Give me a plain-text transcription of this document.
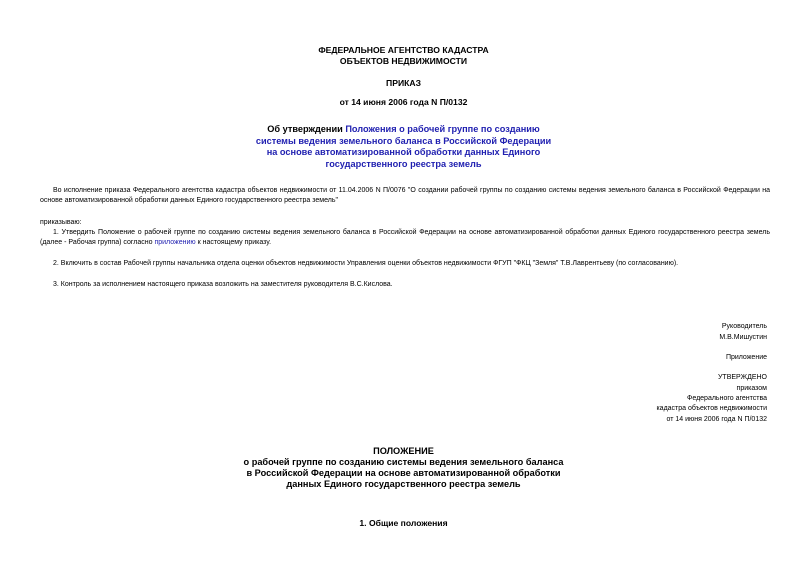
ФЕДЕРАЛЬНОЕ АГЕНТСТВО КАДАСТРА
ОБЪЕКТОВ НЕДВИЖИМОСТИ
ПРИКАЗ
от 14 июня 2006 года N П/0132
Об утверждении Положения о рабочей группе по созданию
системы ведения земельного баланса в Российской Федерации
на основе автоматизированной обработки данных Единого
государственного реестра земель
Во исполнение приказа Федерального агентства кадастра объектов недвижимости от 11.04.2006 N П/0076 "О создании рабочей группы по созданию системы ведения земельного баланса в Российской Федерации на основе автоматизированной обработки данных Единого государственного реестра земель"
приказываю:
1. Утвердить Положение о рабочей группе по созданию системы ведения земельного баланса в Российской Федерации на основе автоматизированной обработки данных Единого государственного реестра земель (далее - Рабочая группа) согласно приложению к настоящему приказу.
2. Включить в состав Рабочей группы начальника отдела оценки объектов недвижимости Управления оценки объектов недвижимости ФГУП "ФКЦ "Земля" Т.В.Лаврентьеву (по согласованию).
3. Контроль за исполнением настоящего приказа возложить на заместителя руководителя В.С.Кислова.
Руководитель
М.В.Мишустин
Приложение
УТВЕРЖДЕНО
приказом
Федерального агентства
кадастра объектов недвижимости
от 14 июня 2006 года N П/0132
ПОЛОЖЕНИЕ
о рабочей группе по созданию системы ведения земельного баланса
в Российской Федерации на основе автоматизированной обработки
данных Единого государственного реестра земель
1. Общие положения
